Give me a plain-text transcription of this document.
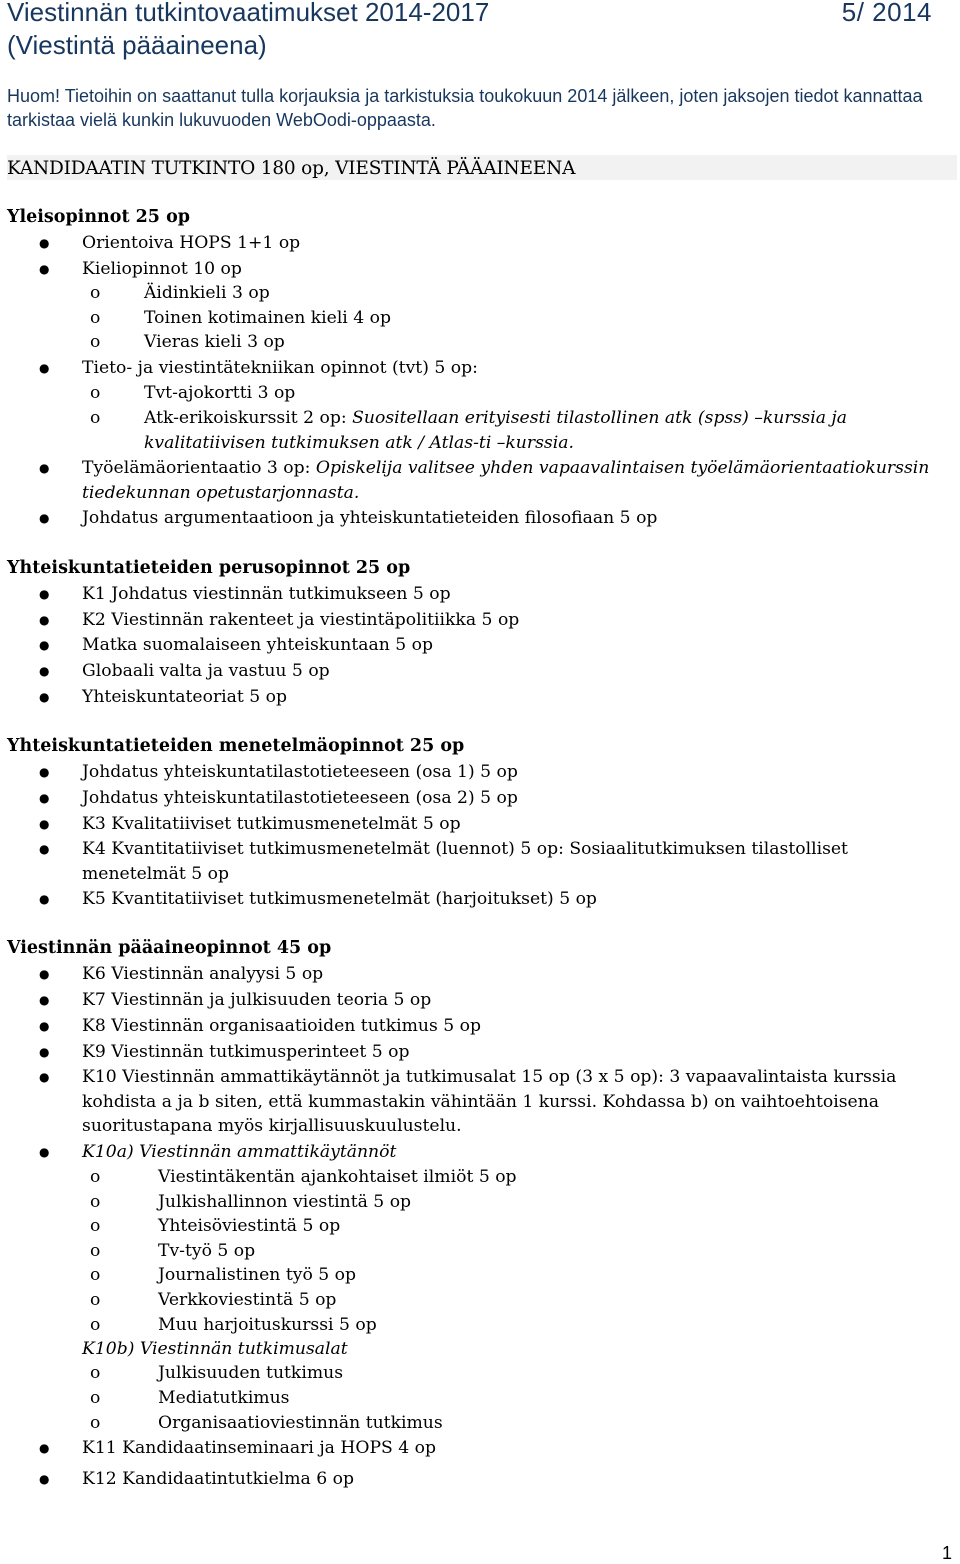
Viestinnän tutkintovaatimukset 2014-2017	5/ 2014
(Viestintä pääaineena)
Huom! Tietoihin on saattanut tulla korjauksia ja tarkistuksia toukokuun 2014 jälkeen, joten jaksojen tiedot kannattaa tarkistaa vielä kunkin lukuvuoden WebOodi-oppaasta.
KANDIDAATIN TUTKINTO 180 op, VIESTINTÄ PÄÄAINEENA
Yleisopinnot 25 op
● Orientoiva HOPS 1+1 op
● Kieliopinnot 10 op
o	Äidinkieli 3 op
o	Toinen kotimainen kieli 4 op
o	Vieras kieli 3 op
● Tieto- ja viestintätekniikan opinnot (tvt) 5 op:
o	Tvt-ajokortti 3 op
o	Atk-erikoiskurssit 2 op: Suositellaan erityisesti tilastollinen atk (spss) –kurssia ja kvalitatiivisen tutkimuksen atk / Atlas-ti –kurssia.
● Työelämäorientaatio 3 op: Opiskelija valitsee yhden vapaavalintaisen työelämäorientaatiokurssin tiedekunnan opetustarjonnasta.
● Johdatus argumentaatioon ja yhteiskuntatieteiden filosofiaan 5 op
Yhteiskuntatieteiden perusopinnot 25 op
● K1 Johdatus viestinnän tutkimukseen 5 op
● K2 Viestinnän rakenteet ja viestintäpolitiikka 5 op
● Matka suomalaiseen yhteiskuntaan 5 op
● Globaali valta ja vastuu 5 op
● Yhteiskuntateoriat 5 op
Yhteiskuntatieteiden menetelmäopinnot 25 op
● Johdatus yhteiskuntatilastotieteeseen (osa 1) 5 op
● Johdatus yhteiskuntatilastotieteeseen (osa 2) 5 op
● K3 Kvalitatiiviset tutkimusmenetelmät 5 op
● K4 Kvantitatiiviset tutkimusmenetelmät (luennot) 5 op: Sosiaalitutkimuksen tilastolliset menetelmät 5 op
● K5 Kvantitatiiviset tutkimusmenetelmät (harjoitukset) 5 op
Viestinnän pääaineopinnot 45 op
● K6 Viestinnän analyysi 5 op
● K7 Viestinnän ja julkisuuden teoria 5 op
● K8 Viestinnän organisaatioiden tutkimus 5 op
● K9 Viestinnän tutkimusperinteet 5 op
● K10 Viestinnän ammattikäytännöt ja tutkimusalat 15 op (3 x 5 op): 3 vapaavalintaista kurssia kohdista a ja b siten, että kummastakin vähintään 1 kurssi. Kohdassa b) on vaihtoehtoisena suoritustapana myös kirjallisuuskuulustelu.
● K10a) Viestinnän ammattikäytännöt
o	Viestintäkentän ajankohtaiset ilmiöt 5 op
o	Julkishallinnon viestintä 5 op
o	Yhteisöviestintä 5 op
o	Tv-työ 5 op
o	Journalistinen työ 5 op
o	Verkkoviestintä 5 op
o	Muu harjoituskurssi 5 op
K10b) Viestinnän tutkimusalat
o	Julkisuuden tutkimus
o	Mediatutkimus
o	Organisaatioviestinnän tutkimus
● K11 Kandidaatinseminaari ja HOPS 4 op
● K12 Kandidaatintutkielma 6 op
1
